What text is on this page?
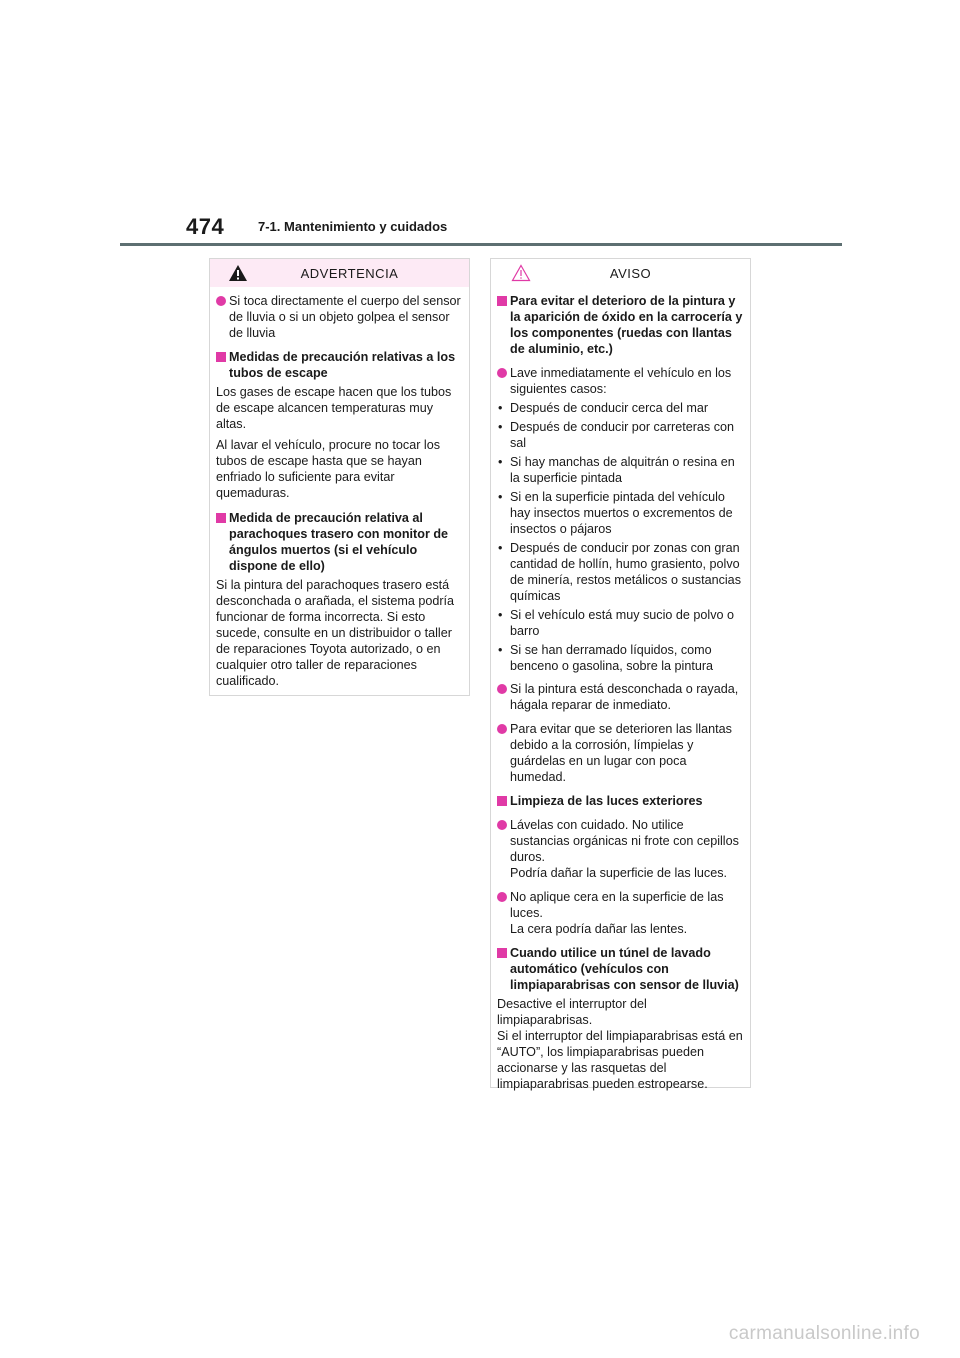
474	7-1. Mantenimiento y cuidados
ADVERTENCIA
Si toca directamente el cuerpo del sensor de lluvia o si un objeto golpea el sensor de lluvia
Medidas de precaución relativas a los tubos de escape

Los gases de escape hacen que los tubos de escape alcancen temperaturas muy altas.

Al lavar el vehículo, procure no tocar los tubos de escape hasta que se hayan enfriado lo suficiente para evitar quemaduras.

Medida de precaución relativa al parachoques trasero con monitor de ángulos muertos (si el vehículo dispone de ello)

Si la pintura del parachoques trasero está desconchada o arañada, el sistema podría funcionar de forma incorrecta. Si esto sucede, consulte en un distribuidor o taller de reparaciones Toyota autorizado, o en cualquier otro taller de reparaciones cualificado.

AVISO
Para evitar el deterioro de la pintura y la aparición de óxido en la carrocería y los componentes (ruedas con llantas de aluminio, etc.)
Lave inmediatamente el vehículo en los siguientes casos:
• Después de conducir cerca del mar
• Después de conducir por carreteras con sal
• Si hay manchas de alquitrán o resina en la superficie pintada
• Si en la superficie pintada del vehículo hay insectos muertos o excrementos de insectos o pájaros
• Después de conducir por zonas con gran cantidad de hollín, humo grasiento, polvo de minería, restos metálicos o sustancias químicas
• Si el vehículo está muy sucio de polvo o barro
• Si se han derramado líquidos, como benceno o gasolina, sobre la pintura
Si la pintura está desconchada o rayada, hágala reparar de inmediato.
Para evitar que se deterioren las llantas debido a la corrosión, límpielas y guárdelas en un lugar con poca humedad.
Limpieza de las luces exteriores
Lávelas con cuidado. No utilice sustancias orgánicas ni frote con cepillos duros.
Podría dañar la superficie de las luces.
No aplique cera en la superficie de las luces.
La cera podría dañar las lentes.
Cuando utilice un túnel de lavado automático (vehículos con limpiaparabrisas con sensor de lluvia)

Desactive el interruptor del limpiaparabrisas.

Si el interruptor del limpiaparabrisas está en “AUTO”, los limpiaparabrisas pueden accionarse y las rasquetas del limpiaparabrisas pueden estropearse.

carmanualsonline.info
